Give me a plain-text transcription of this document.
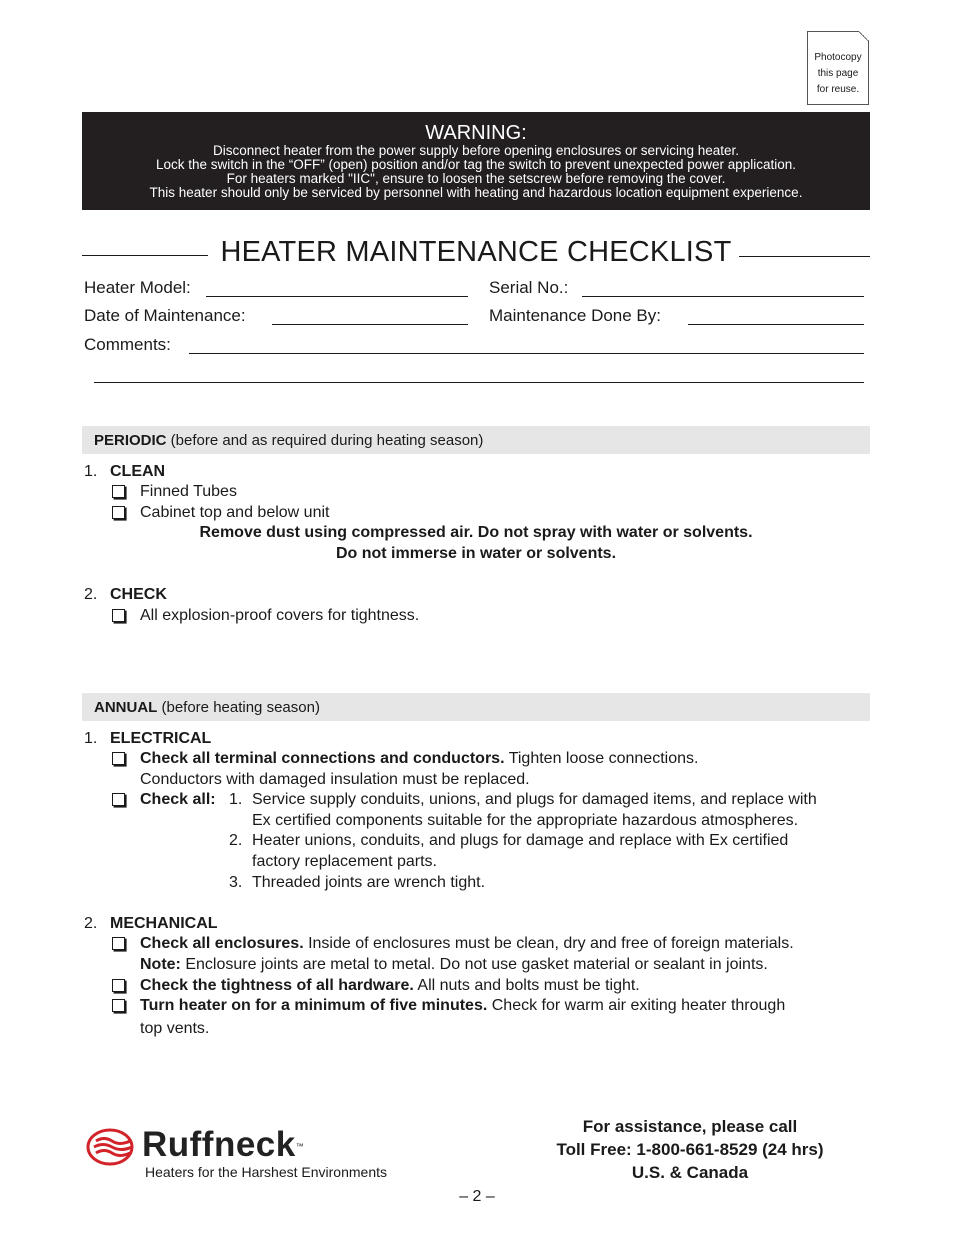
Photocopy
this page
for reuse.
WARNING:
Disconnect heater from the power supply before opening enclosures or servicing heater.
Lock the switch in the “OFF” (open) position and/or tag the switch to prevent unexpected power application.
For heaters marked "IIC", ensure to loosen the setscrew before removing the cover.
This heater should only be serviced by personnel with heating and hazardous location equipment experience.
HEATER MAINTENANCE CHECKLIST
Heater Model:	Serial No.:
Date of Maintenance:	Maintenance Done By:
Comments:
PERIODIC (before and as required during heating season)
1. CLEAN
Finned Tubes
Cabinet top and below unit
Remove dust using compressed air. Do not spray with water or solvents.
Do not immerse in water or solvents.
2. CHECK
All explosion-proof covers for tightness.
ANNUAL (before heating season)
1. ELECTRICAL
Check all terminal connections and conductors. Tighten loose connections.
Conductors with damaged insulation must be replaced.
Check all: 1. Service supply conduits, unions, and plugs for damaged items, and replace with
Ex certified components suitable for the appropriate hazardous atmospheres.
2. Heater unions, conduits, and plugs for damage and replace with Ex certified
factory replacement parts.
3. Threaded joints are wrench tight.
2. MECHANICAL
Check all enclosures. Inside of enclosures must be clean, dry and free of foreign materials.
Note: Enclosure joints are metal to metal. Do not use gasket material or sealant in joints.
Check the tightness of all hardware. All nuts and bolts must be tight.
Turn heater on for a minimum of five minutes. Check for warm air exiting heater through
top vents.
Ruffneck™
Heaters for the Harshest Environments
For assistance, please call
Toll Free: 1-800-661-8529 (24 hrs)
U.S. & Canada
– 2 –
